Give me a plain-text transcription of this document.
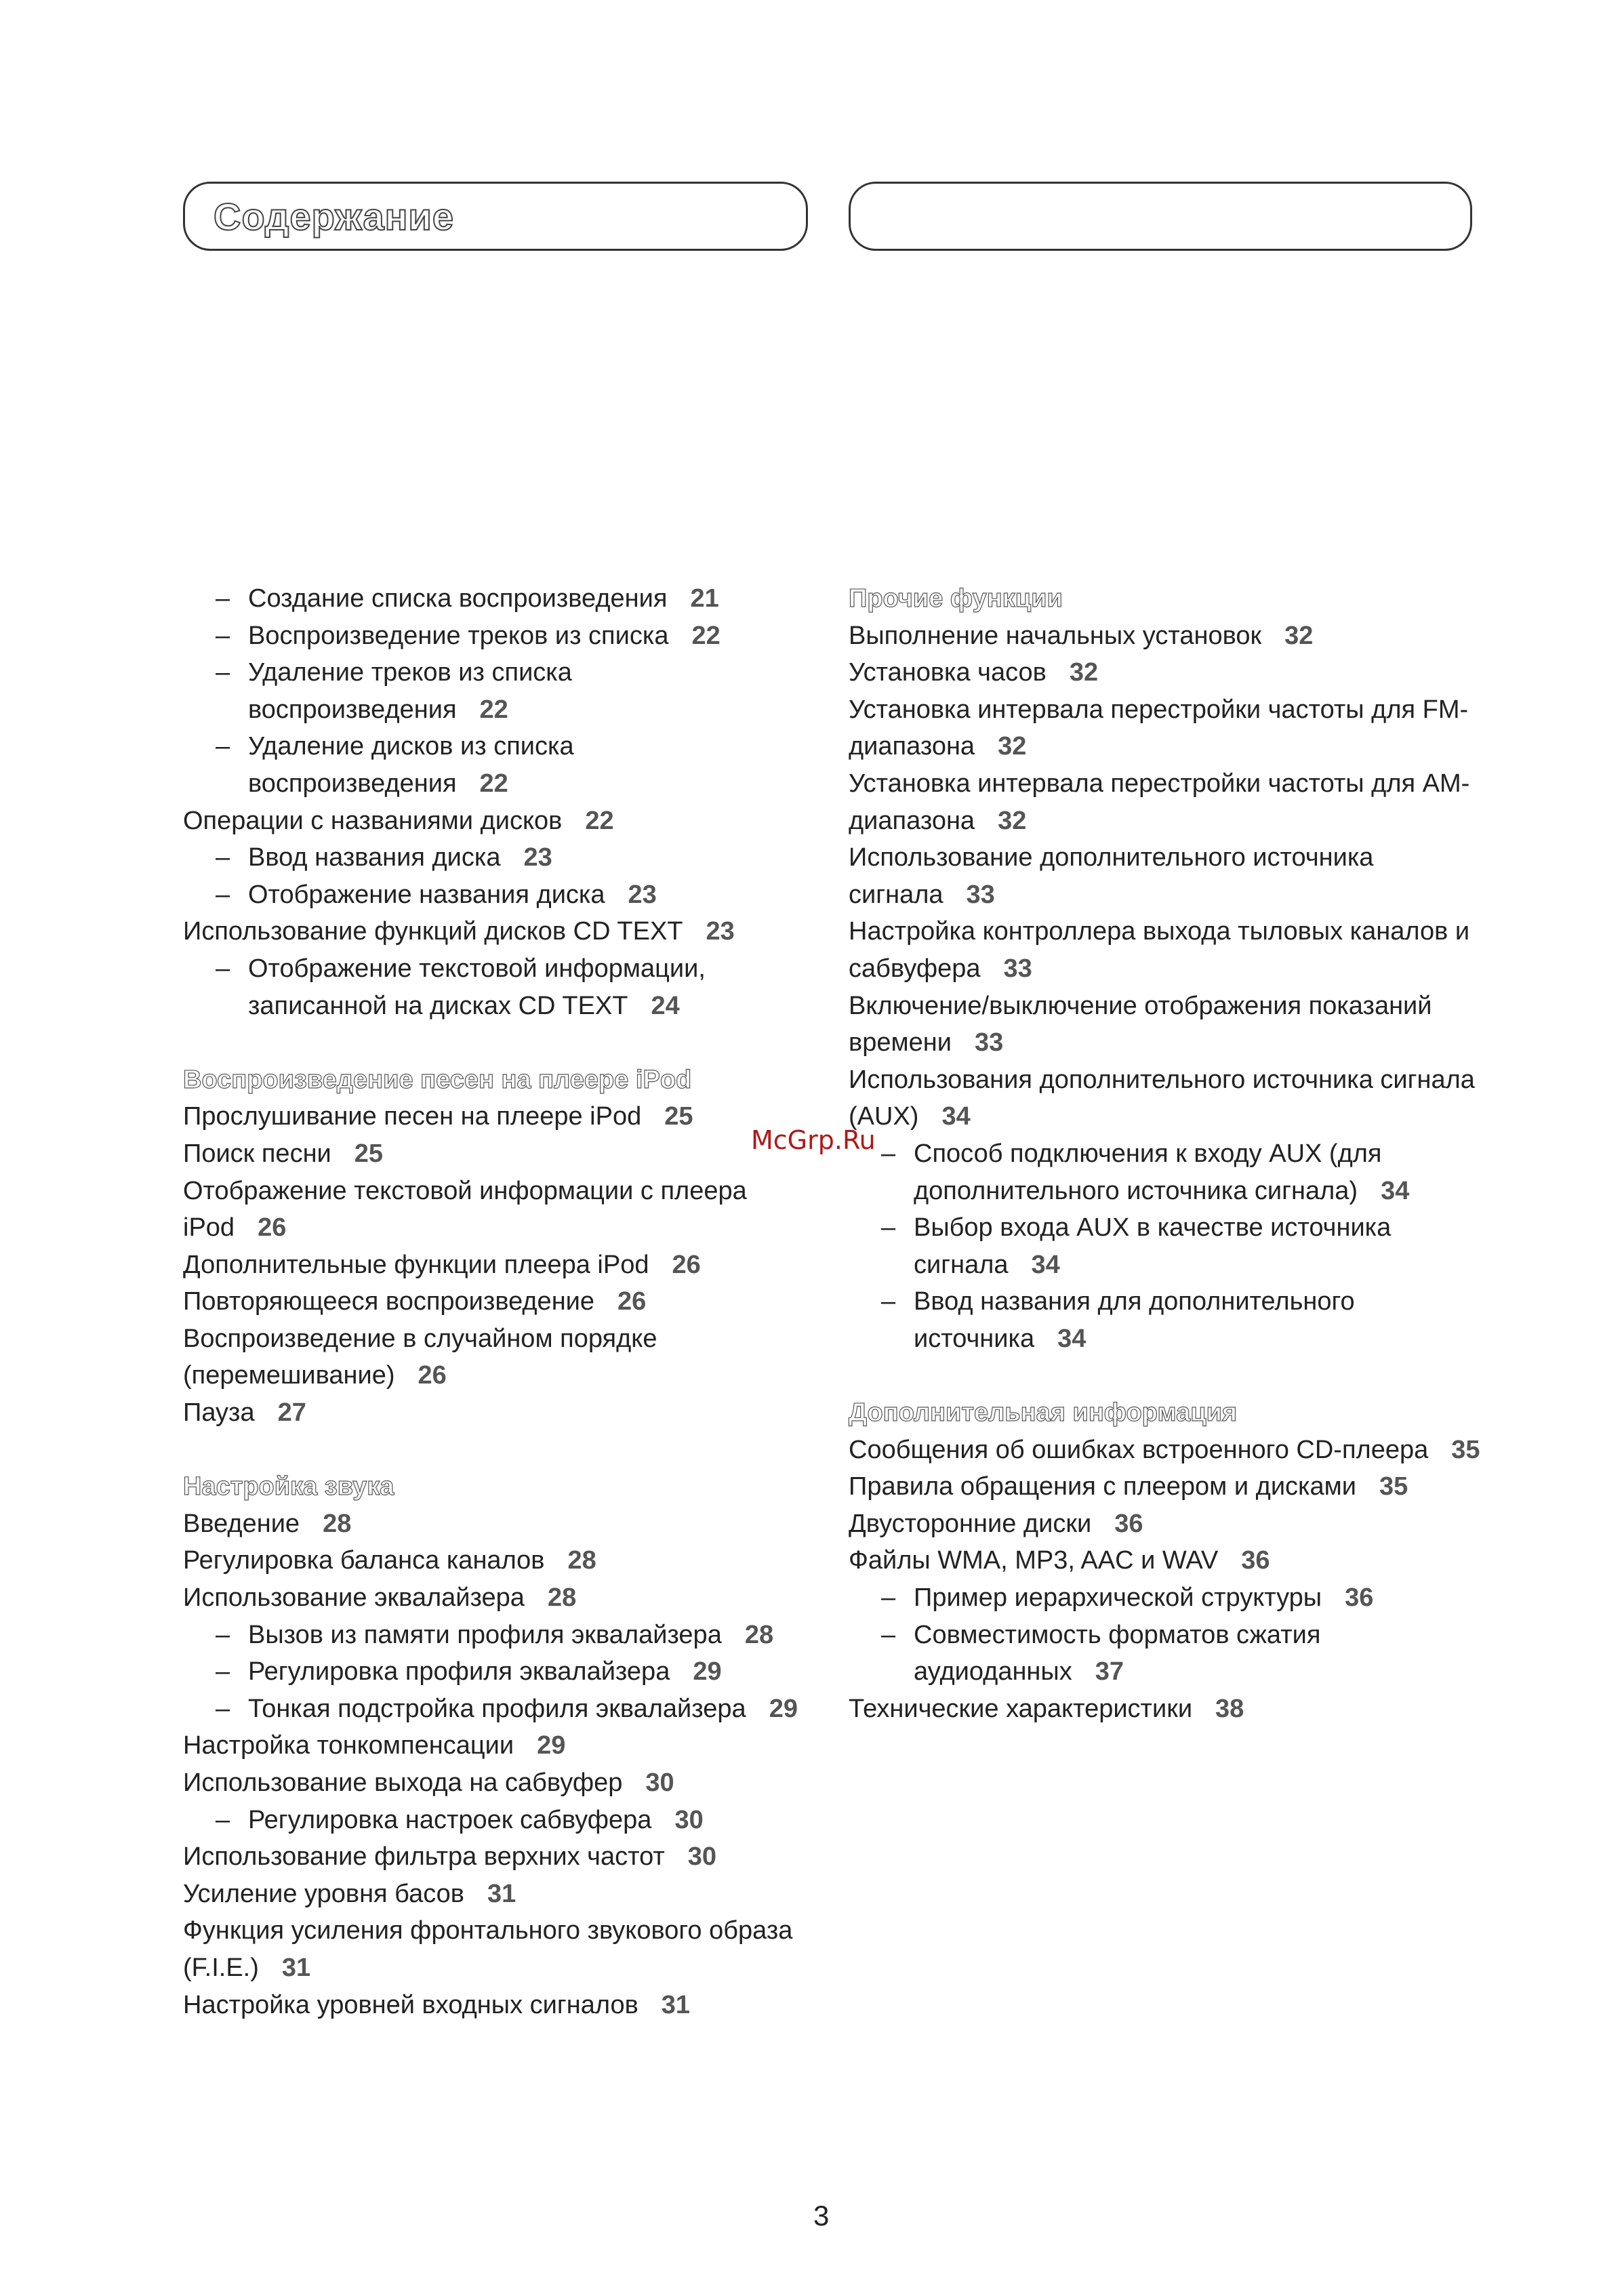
Содержание
– Создание списка воспроизведения 21
– Воспроизведение треков из списка 22
– Удаление треков из списка воспроизведения 22
– Удаление дисков из списка воспроизведения 22
Операции с названиями дисков 22
– Ввод названия диска 23
– Отображение названия диска 23
Использование функций дисков CD TEXT 23
– Отображение текстовой информации, записанной на дисках CD TEXT 24
Воспроизведение песен на плеере iPod
Прослушивание песен на плеере iPod 25
Поиск песни 25
Отображение текстовой информации с плеера iPod 26
Дополнительные функции плеера iPod 26
Повторяющееся воспроизведение 26
Воспроизведение в случайном порядке (перемешивание) 26
Пауза 27
Настройка звука
Введение 28
Регулировка баланса каналов 28
Использование эквалайзера 28
– Вызов из памяти профиля эквалайзера 28
– Регулировка профиля эквалайзера 29
– Тонкая подстройка профиля эквалайзера 29
Настройка тонкомпенсации 29
Использование выхода на сабвуфер 30
– Регулировка настроек сабвуфера 30
Использование фильтра верхних частот 30
Усиление уровня басов 31
Функция усиления фронтального звукового образа (F.I.E.) 31
Настройка уровней входных сигналов 31
Прочие функции
Выполнение начальных установок 32
Установка часов 32
Установка интервала перестройки частоты для FM-диапазона 32
Установка интервала перестройки частоты для AM-диапазона 32
Использование дополнительного источника сигнала 33
Настройка контроллера выхода тыловых каналов и сабвуфера 33
Включение/выключение отображения показаний времени 33
Использования дополнительного источника сигнала (AUX) 34
– Способ подключения к входу AUX (для дополнительного источника сигнала) 34
– Выбор входа AUX в качестве источника сигнала 34
– Ввод названия для дополнительного источника 34
Дополнительная информация
Сообщения об ошибках встроенного CD-плеера 35
Правила обращения с плеером и дисками 35
Двусторонние диски 36
Файлы WMA, MP3, AAC и WAV 36
– Пример иерархической структуры 36
– Совместимость форматов сжатия аудиоданных 37
Технические характеристики 38
McGrp.Ru
3
